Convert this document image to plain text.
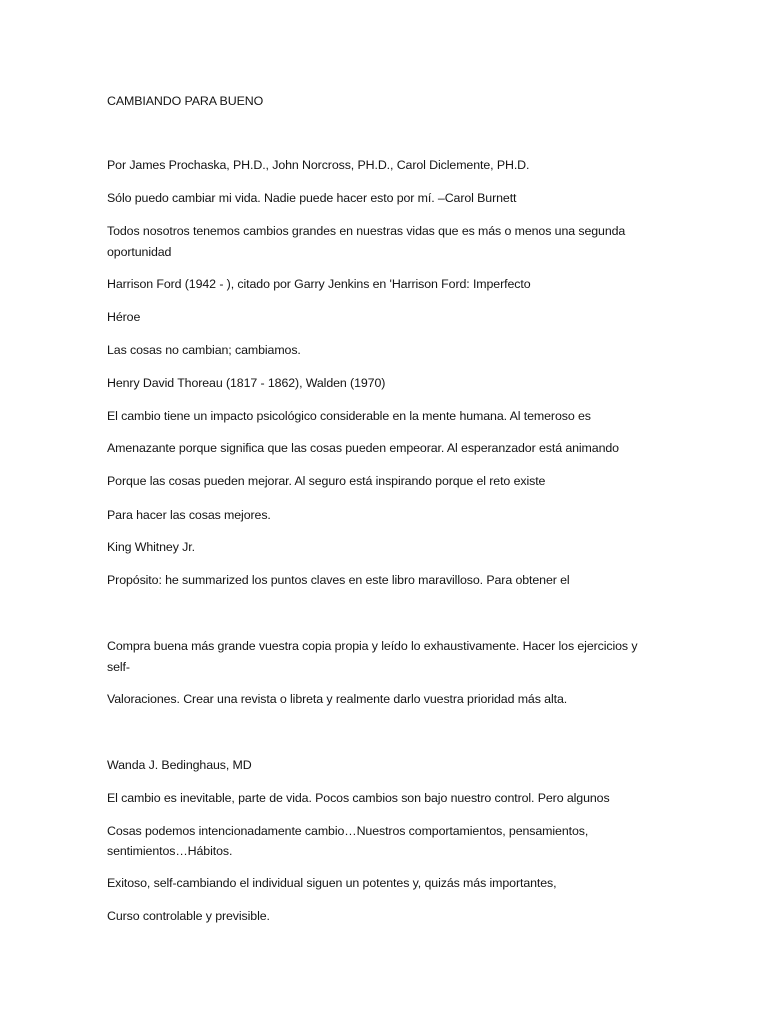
CAMBIANDO PARA BUENO
Por James Prochaska, PH.D., John Norcross, PH.D., Carol Diclemente, PH.D.
Sólo puedo cambiar mi vida. Nadie puede hacer esto por mí. –Carol Burnett
Todos nosotros tenemos cambios grandes en nuestras vidas que es más o menos una segunda
oportunidad
Harrison Ford (1942 - ), citado por Garry Jenkins en 'Harrison Ford: Imperfecto
Héroe
Las cosas no cambian; cambiamos.
Henry David Thoreau (1817 - 1862), Walden (1970)
El cambio tiene un impacto psicológico considerable en la mente humana. Al temeroso es
Amenazante porque significa que las cosas pueden empeorar. Al esperanzador está animando
Porque las cosas pueden mejorar. Al seguro está inspirando porque el reto existe
Para hacer las cosas mejores.
King Whitney Jr.
Propósito: he summarized los puntos claves en este libro maravilloso. Para obtener el
Compra buena más grande vuestra copia propia y leído lo exhaustivamente. Hacer los ejercicios y
self-
Valoraciones. Crear una revista o libreta y realmente darlo vuestra prioridad más alta.
Wanda J. Bedinghaus, MD
El cambio es inevitable, parte de vida. Pocos cambios son bajo nuestro control. Pero algunos
Cosas podemos intencionadamente cambio…Nuestros comportamientos, pensamientos,
sentimientos…Hábitos.
Exitoso, self-cambiando el individual siguen un potentes y, quizás más importantes,
Curso controlable y previsible.
